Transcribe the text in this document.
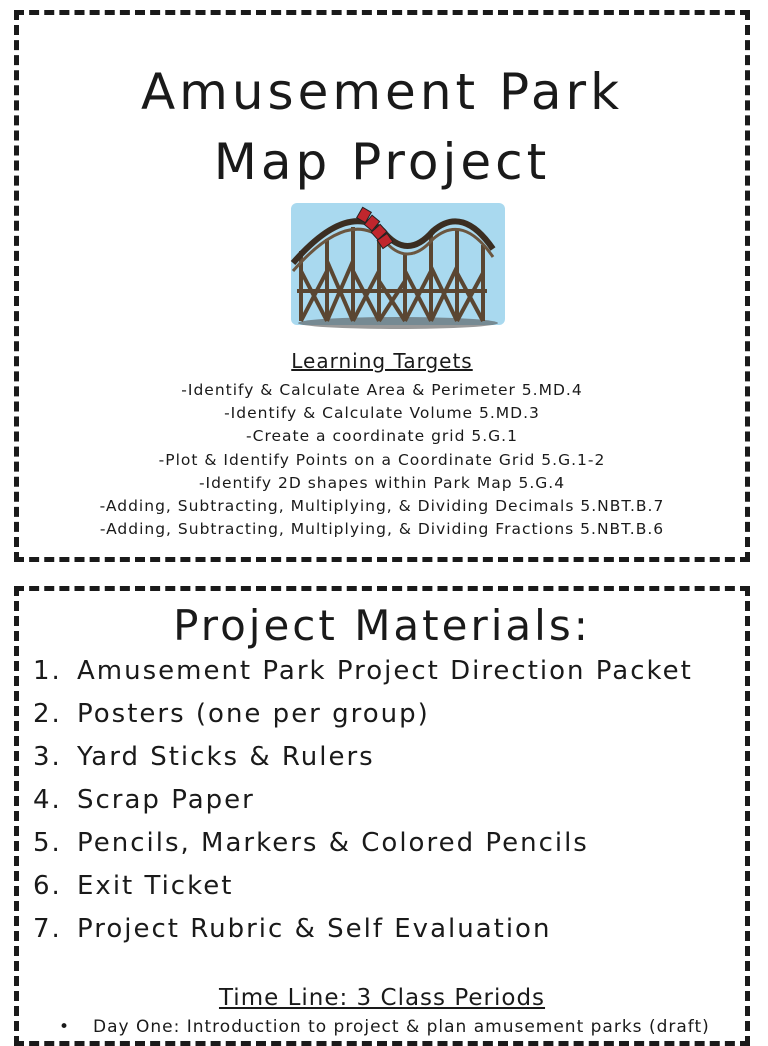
Amusement Park
Map Project
Learning Targets
-Identify & Calculate Area & Perimeter 5.MD.4
-Identify & Calculate Volume 5.MD.3
-Create a coordinate grid 5.G.1
-Plot & Identify Points on a Coordinate Grid 5.G.1-2
-Identify 2D shapes within Park Map 5.G.4
-Adding, Subtracting, Multiplying, & Dividing Decimals 5.NBT.B.7
-Adding, Subtracting, Multiplying, & Dividing Fractions 5.NBT.B.6
Project Materials:
1. Amusement Park Project Direction Packet
2. Posters (one per group)
3. Yard Sticks & Rulers
4. Scrap Paper
5. Pencils, Markers & Colored Pencils
6. Exit Ticket
7. Project Rubric & Self Evaluation
Time Line: 3 Class Periods
• Day One: Introduction to project & plan amusement parks (draft)
